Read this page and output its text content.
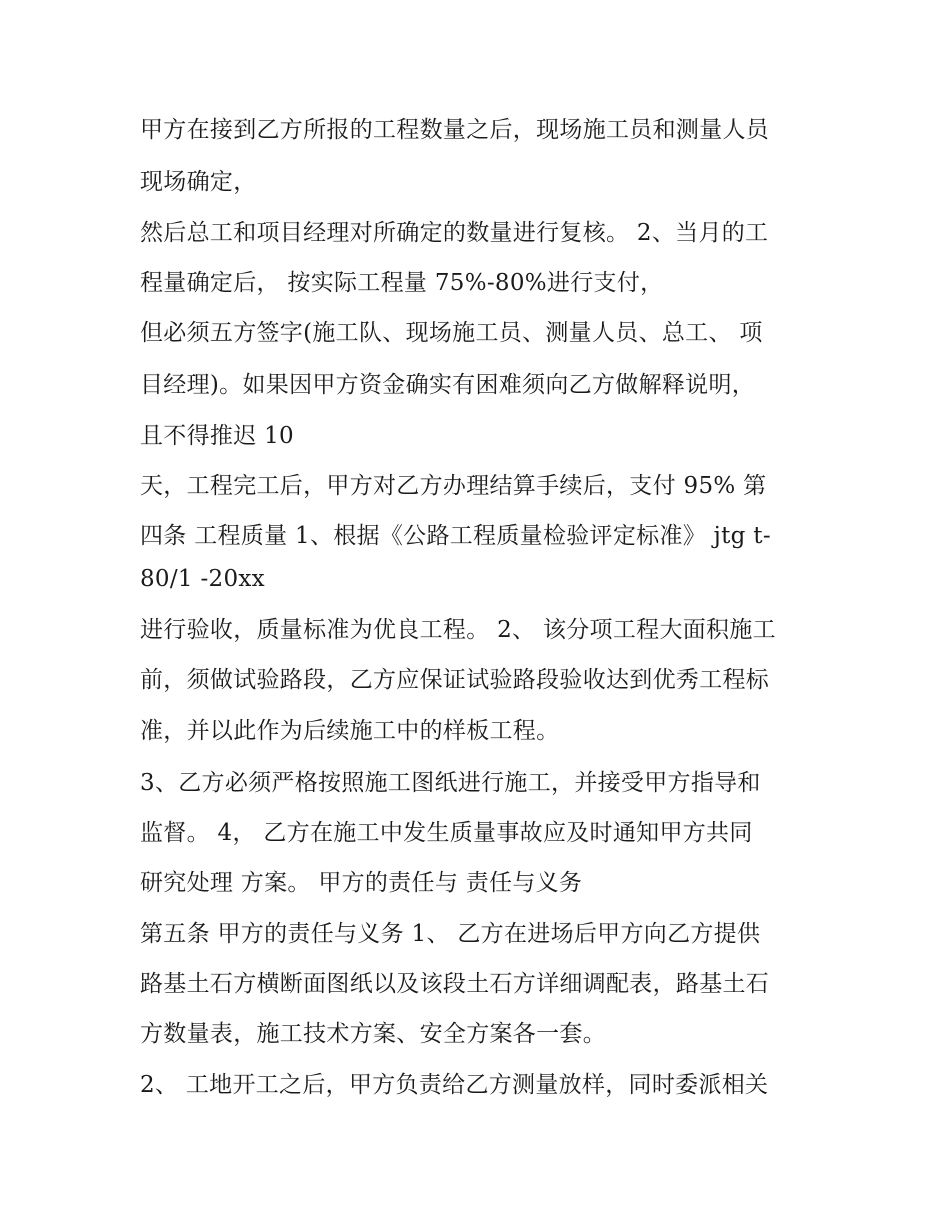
甲方在接到乙方所报的工程数量之后，现场施工员和测量人员
现场确定，
然后总工和项目经理对所确定的数量进行复核。 2、当月的工
程量确定后， 按实际工程量 75%-80%进行支付，
但必须五方签字(施工队、现场施工员、测量人员、总工、 项
目经理)。如果因甲方资金确实有困难须向乙方做解释说明，
且不得推迟 10
天，工程完工后，甲方对乙方办理结算手续后，支付 95% 第
四条 工程质量 1、根据《公路工程质量检验评定标准》 jtg t-
80/1 -20xx
进行验收，质量标准为优良工程。 2、 该分项工程大面积施工
前，须做试验路段，乙方应保证试验路段验收达到优秀工程标
准，并以此作为后续施工中的样板工程。
3、乙方必须严格按照施工图纸进行施工，并接受甲方指导和
监督。 4， 乙方在施工中发生质量事故应及时通知甲方共同
研究处理 方案。 甲方的责任与 责任与义务
第五条 甲方的责任与义务 1、 乙方在进场后甲方向乙方提供
路基土石方横断面图纸以及该段土石方详细调配表，路基土石
方数量表，施工技术方案、安全方案各一套。
2、 工地开工之后，甲方负责给乙方测量放样，同时委派相关
